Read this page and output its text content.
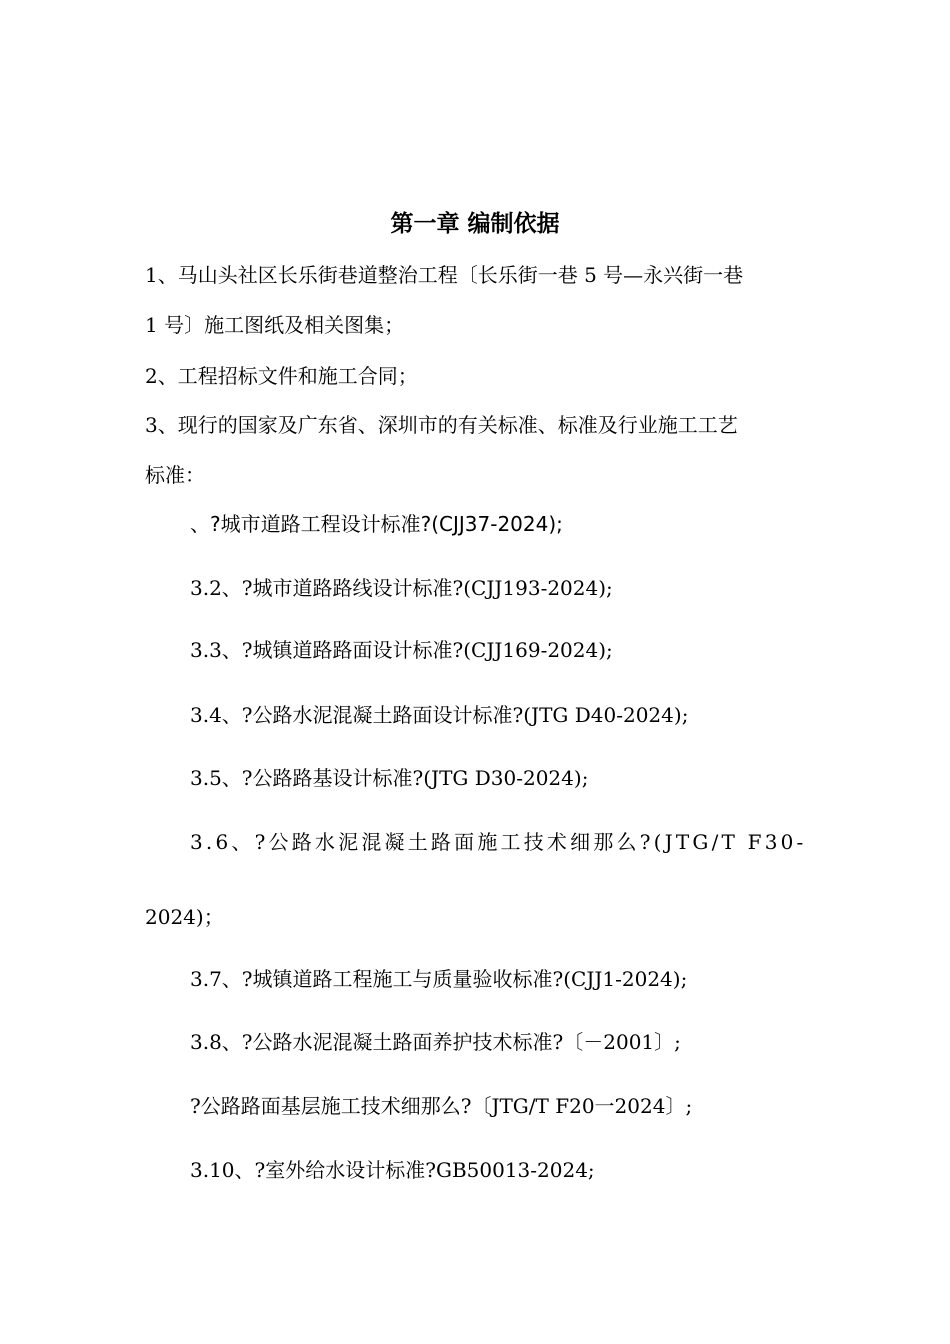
第一章 编制依据
1、马山头社区长乐街巷道整治工程〔长乐街一巷 5 号—永兴街一巷
1 号〕施工图纸及相关图集；
2、工程招标文件和施工合同；
3、现行的国家及广东省、深圳市的有关标准、标准及行业施工工艺
标准：
、?城市道路工程设计标准?(CJJ37-2024);
3.2、?城市道路路线设计标准?(CJJ193-2024);
3.3、?城镇道路路面设计标准?(CJJ169-2024);
3.4、?公路水泥混凝土路面设计标准?(JTG D40-2024);
3.5、?公路路基设计标准?(JTG D30-2024);
3.6、?公路水泥混凝土路面施工技术细那么?(JTG/T F30-
2024)；
3.7、?城镇道路工程施工与质量验收标准?(CJJ1-2024);
3.8、?公路水泥混凝土路面养护技术标准?〔－2001〕;
?公路路面基层施工技术细那么?〔JTG/T F20一2024〕;
3.10、?室外给水设计标准?GB50013-2024;
